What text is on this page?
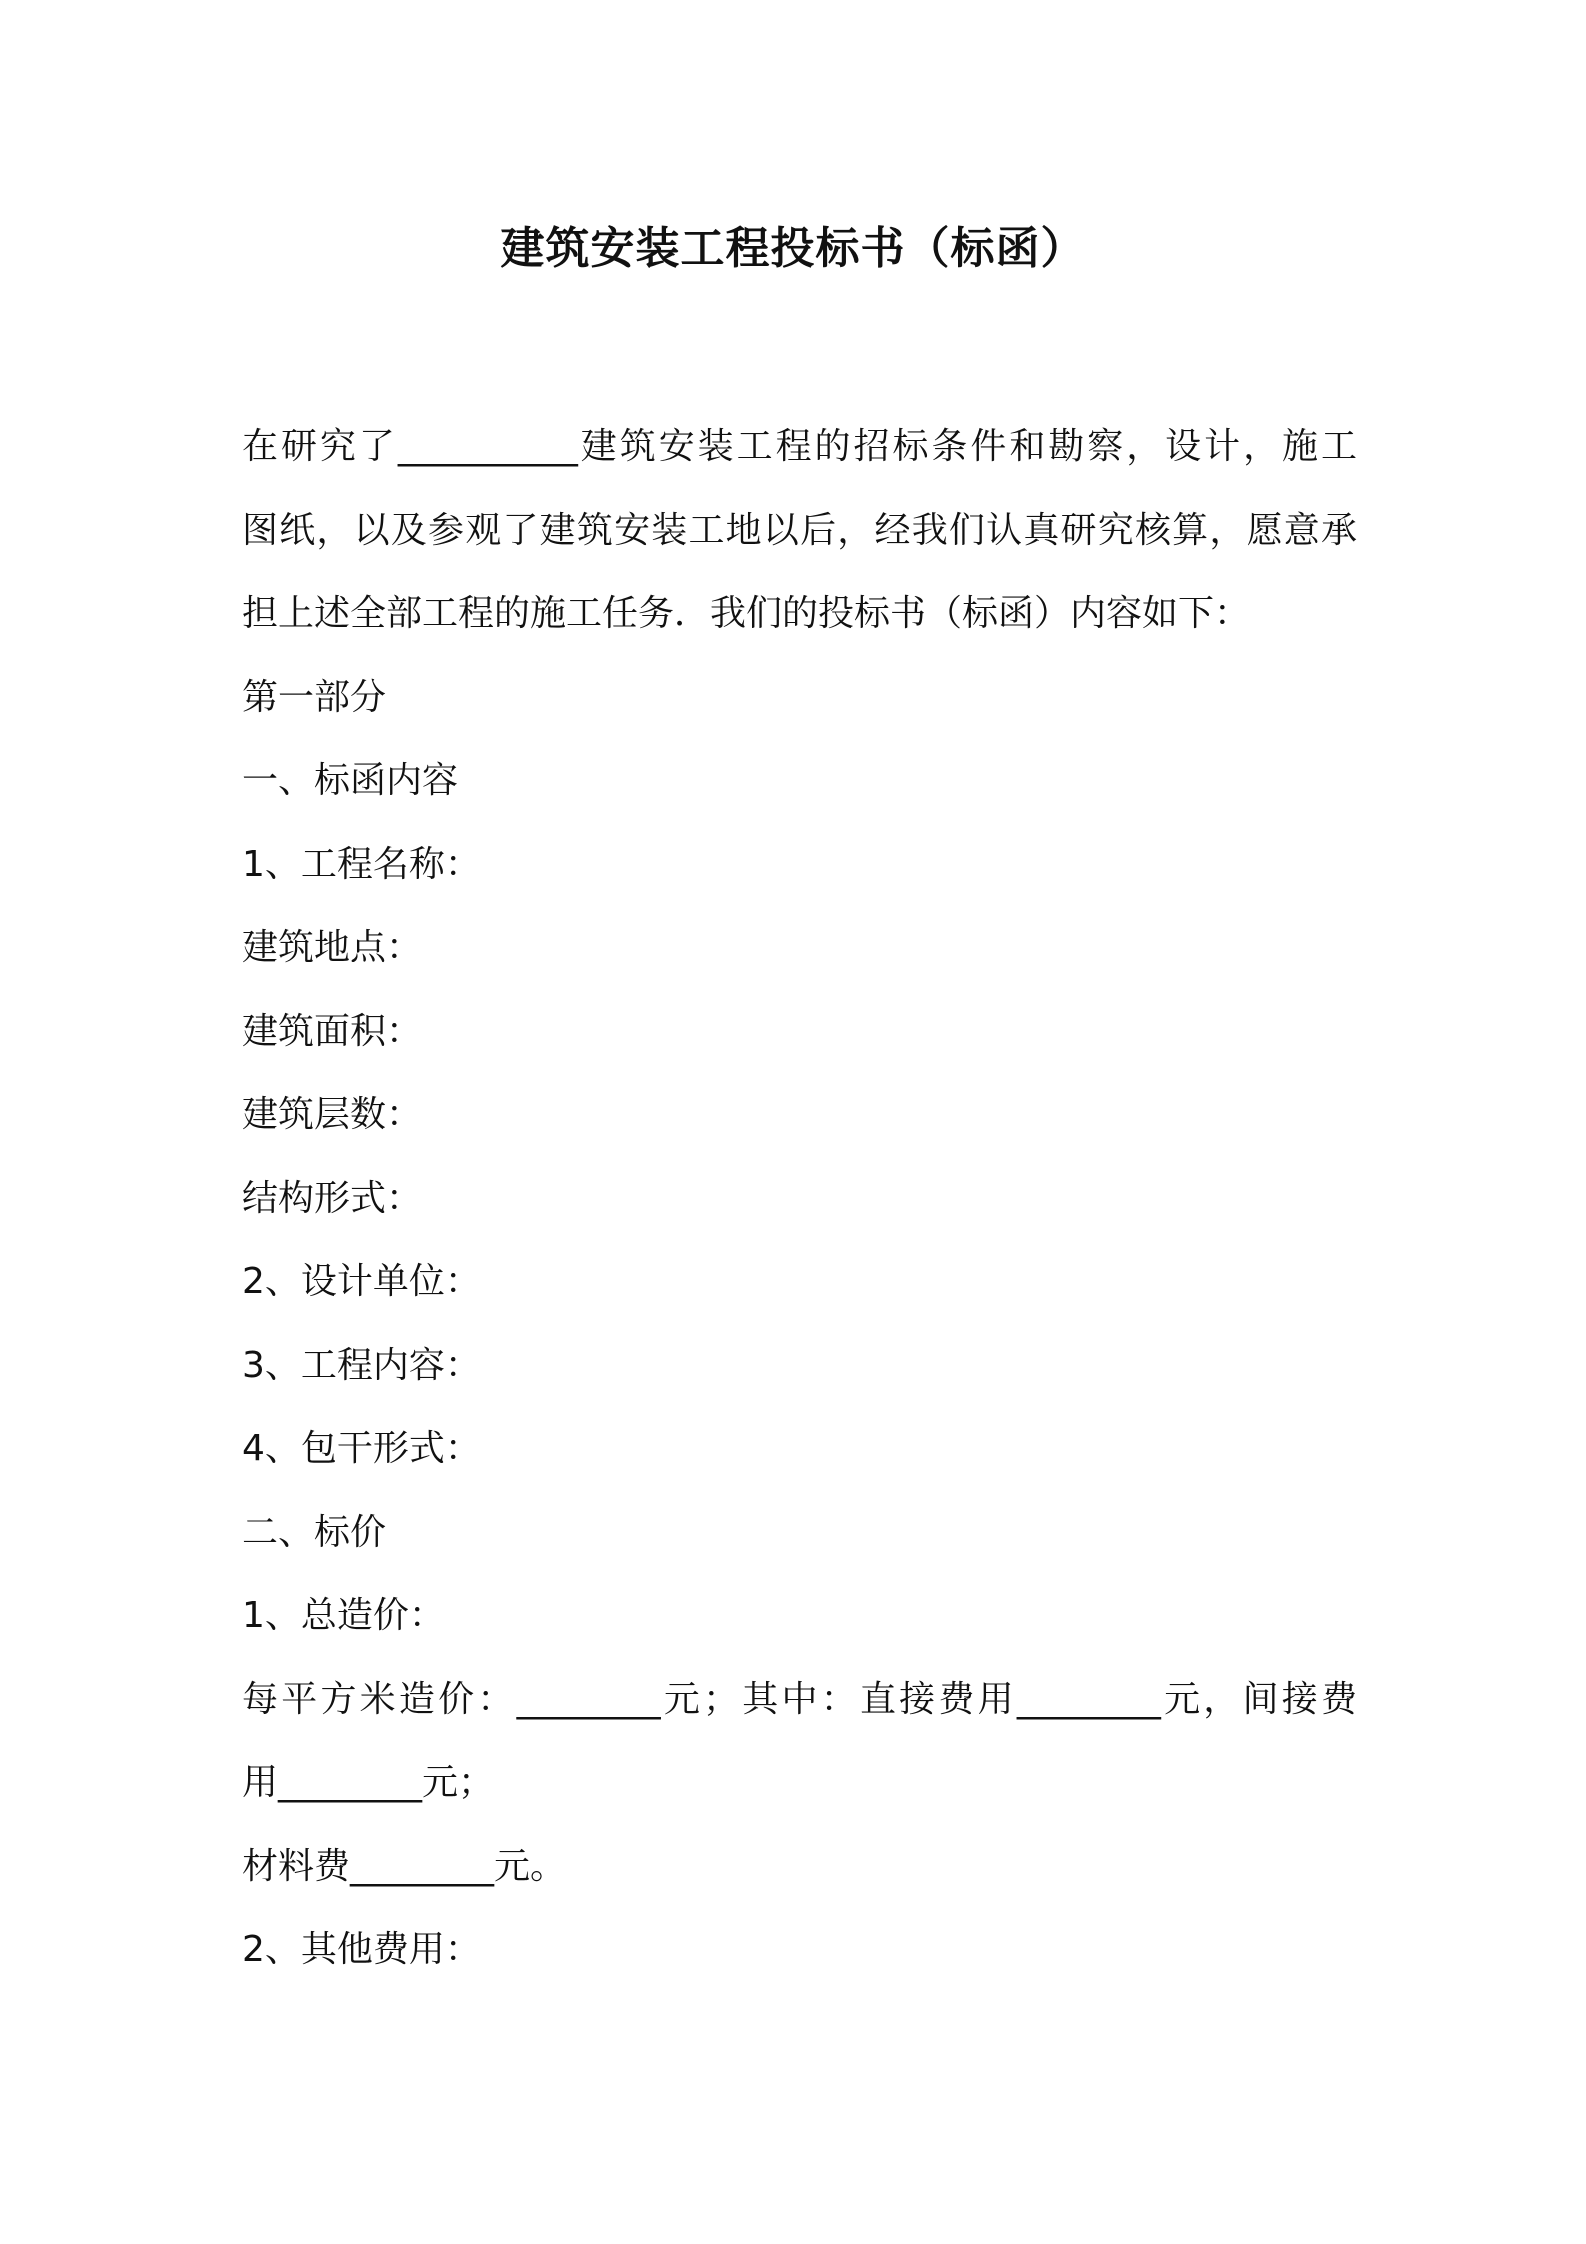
建筑安装工程投标书（标函）

在研究了__________建筑安装工程的招标条件和勘察，设计，施工

图纸，以及参观了建筑安装工地以后，经我们认真研究核算，愿意承

担上述全部工程的施工任务．我们的投标书（标函）内容如下：

第一部分

一、标函内容

1、工程名称：

建筑地点：

建筑面积：

建筑层数：

结构形式：

2、设计单位：

3、工程内容：

4、包干形式：

二、标价

1、总造价：

每平方米造价：________元；其中：直接费用________元，间接费

用________元；

材料费________元。

2、其他费用：
